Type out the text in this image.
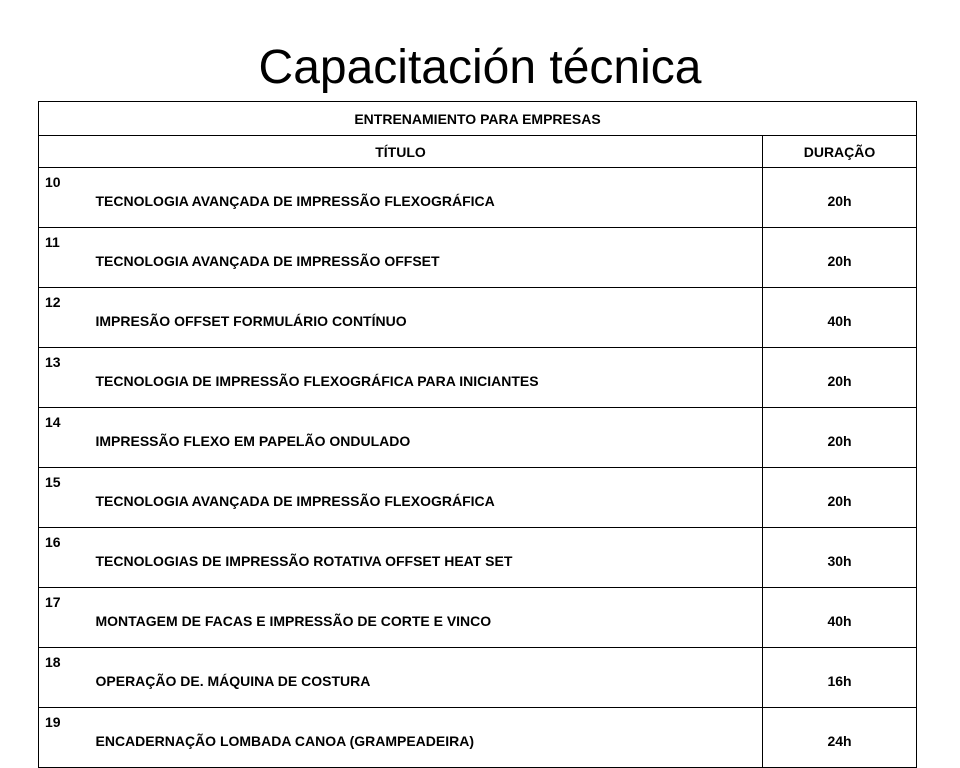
Capacitación técnica
ENTRENAMIENTO PARA EMPRESAS		
TÍTULO		DURAÇÃO
10	TECNOLOGIA AVANÇADA DE IMPRESSÃO FLEXOGRÁFICA	20h
11	TECNOLOGIA AVANÇADA DE IMPRESSÃO OFFSET	20h
12	IMPRESÃO OFFSET FORMULÁRIO CONTÍNUO	40h
13	TECNOLOGIA DE IMPRESSÃO FLEXOGRÁFICA PARA INICIANTES	20h
14	IMPRESSÃO FLEXO EM PAPELÃO ONDULADO	20h
15	TECNOLOGIA AVANÇADA DE IMPRESSÃO FLEXOGRÁFICA	20h
16	TECNOLOGIAS DE IMPRESSÃO ROTATIVA OFFSET HEAT SET	30h
17	MONTAGEM DE FACAS E IMPRESSÃO DE CORTE E VINCO	40h
18	OPERAÇÃO DE. MÁQUINA DE COSTURA	16h
19	ENCADERNAÇÃO LOMBADA CANOA (GRAMPEADEIRA)	24h
